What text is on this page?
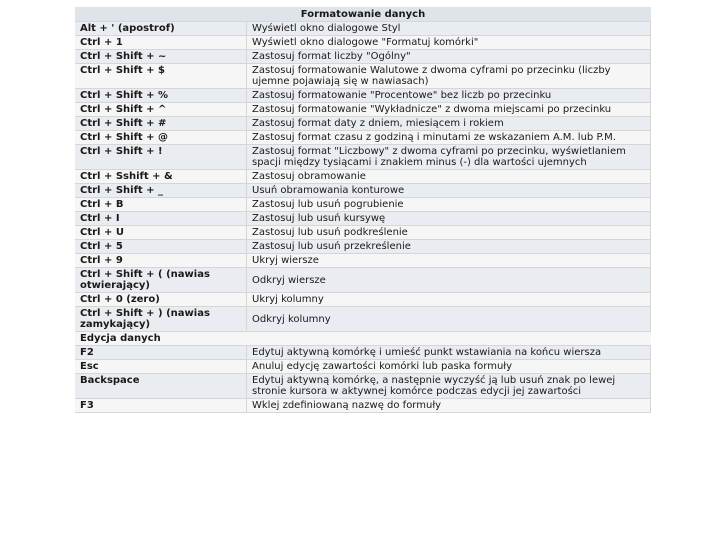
Formatowanie danych	
Alt + ' (apostrof)	Wyświetl okno dialogowe Styl
Ctrl + 1	Wyświetl okno dialogowe "Formatuj komórki"
Ctrl + Shift + ~	Zastosuj format liczby "Ogólny"
Ctrl + Shift + $	Zastosuj formatowanie Walutowe z dwoma cyframi po przecinku (liczby ujemne pojawiają się w nawiasach)
Ctrl + Shift + %	Zastosuj formatowanie "Procentowe" bez liczb po przecinku
Ctrl + Shift + ^	Zastosuj formatowanie "Wykładnicze" z dwoma miejscami po przecinku
Ctrl + Shift + #	Zastosuj format daty z dniem, miesiącem i rokiem
Ctrl + Shift + @	Zastosuj format czasu z godziną i minutami ze wskazaniem A.M. lub P.M.
Ctrl + Shift + !	Zastosuj format "Liczbowy" z dwoma cyframi po przecinku, wyświetlaniem spacji między tysiącami i znakiem minus (-) dla wartości ujemnych
Ctrl + Sshift + &	Zastosuj obramowanie
Ctrl + Shift + _	Usuń obramowania konturowe
Ctrl + B	Zastosuj lub usuń pogrubienie
Ctrl + I	Zastosuj lub usuń kursywę
Ctrl + U	Zastosuj lub usuń podkreślenie
Ctrl + 5	Zastosuj lub usuń przekreślenie
Ctrl + 9	Ukryj wiersze
Ctrl + Shift + ( (nawias otwierający)	Odkryj wiersze
Ctrl + 0 (zero)	Ukryj kolumny
Ctrl + Shift + ) (nawias zamykający)	Odkryj kolumny
Edycja danych	
F2	Edytuj aktywną komórkę i umieść punkt wstawiania na końcu wiersza
Esc	Anuluj edycję zawartości komórki lub paska formuły
Backspace	Edytuj aktywną komórkę, a następnie wyczyść ją lub usuń znak po lewej stronie kursora w aktywnej komórce podczas edycji jej zawartości
F3	Wklej zdefiniowaną nazwę do formuły
